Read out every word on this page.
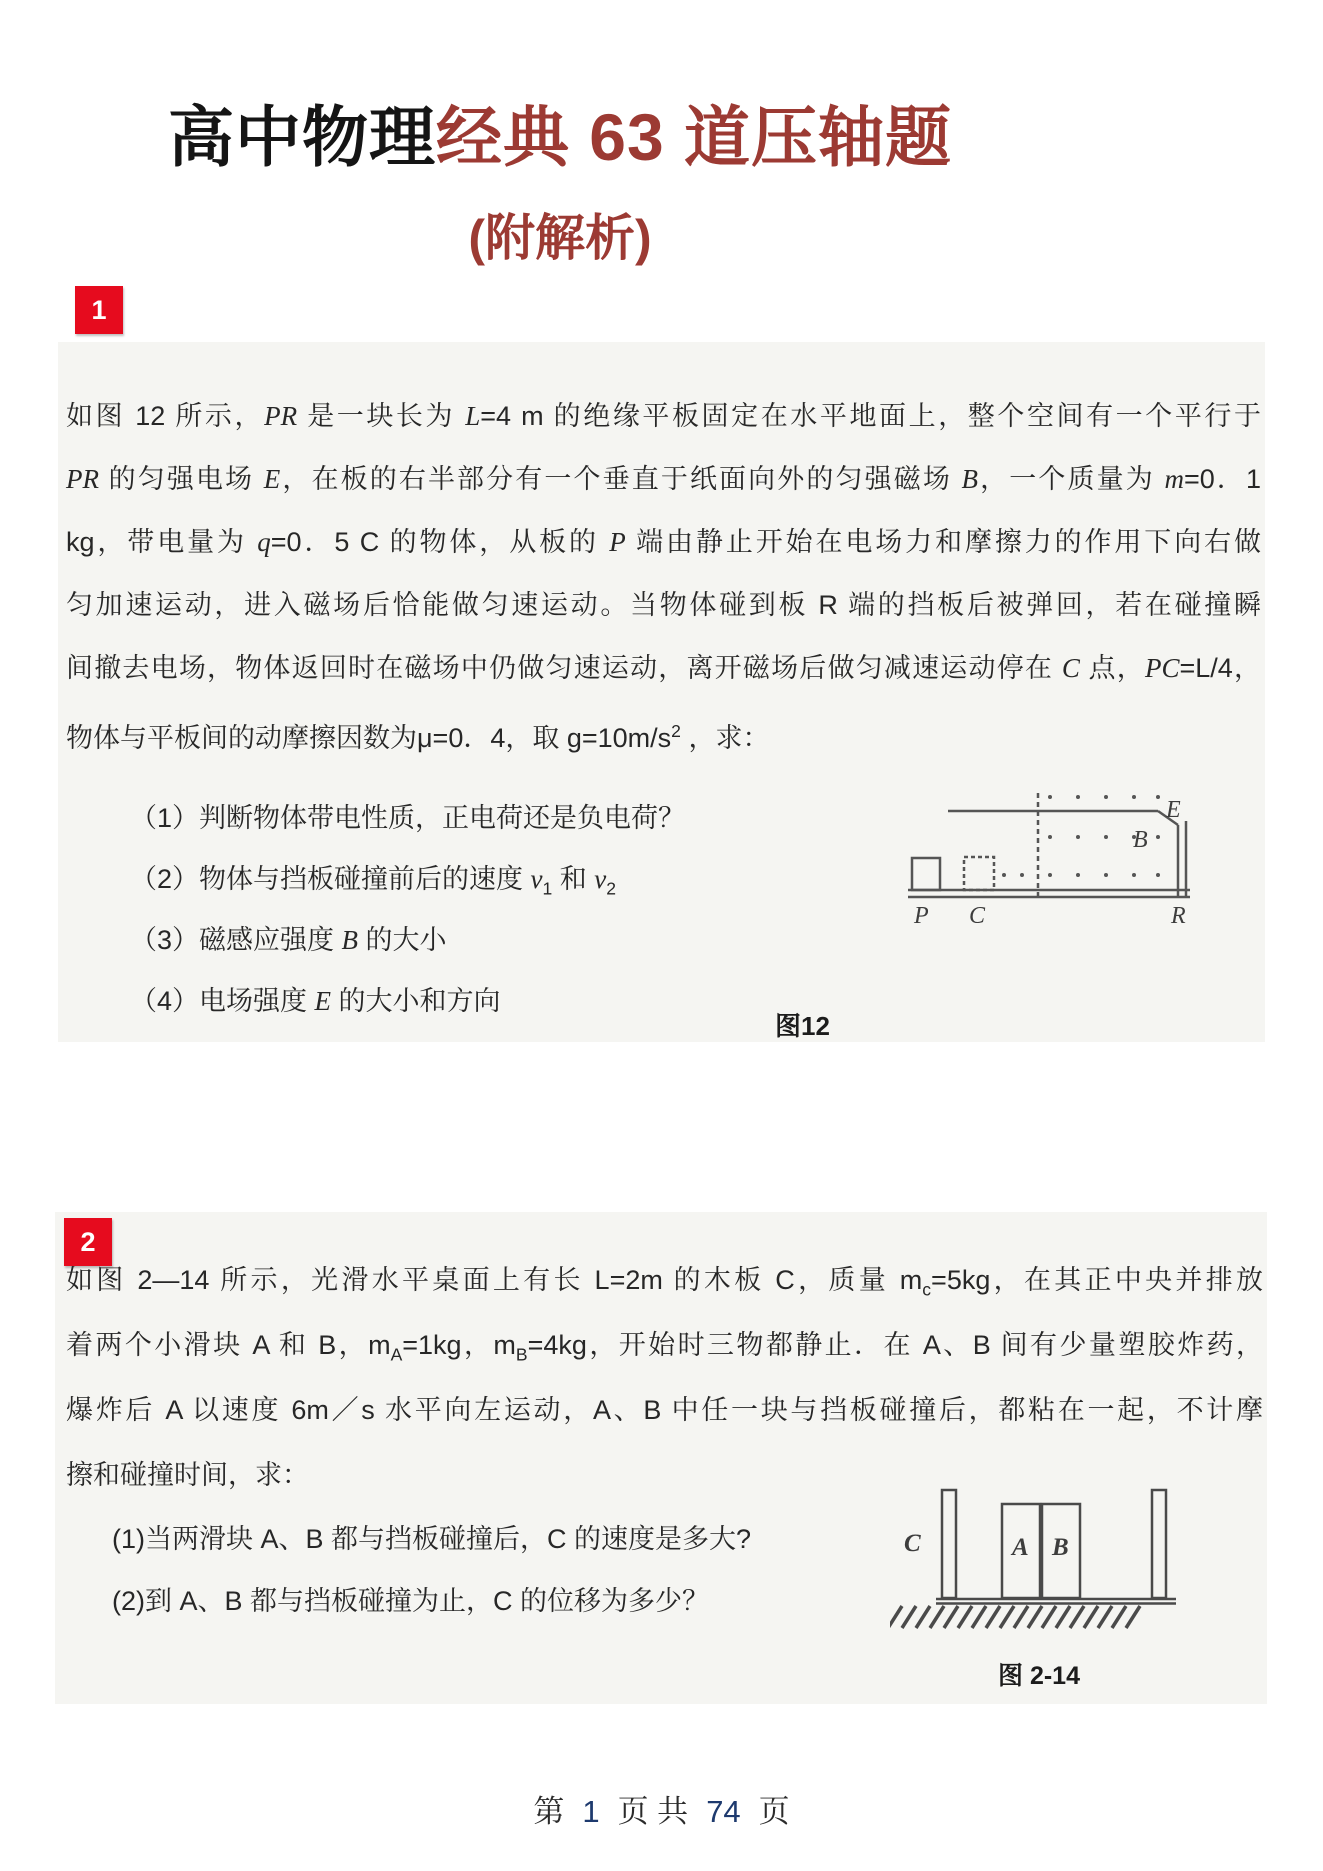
高中物理经典 63 道压轴题
(附解析)
1
如图 12 所示，PR 是一块长为 L=4 m 的绝缘平板固定在水平地面上，整个空间有一个平行于
PR 的匀强电场 E，在板的右半部分有一个垂直于纸面向外的匀强磁场 B，一个质量为 m=0．1
kg，带电量为 q=0．5 C 的物体，从板的 P 端由静止开始在电场力和摩擦力的作用下向右做
匀加速运动，进入磁场后恰能做匀速运动。当物体碰到板 R 端的挡板后被弹回，若在碰撞瞬
间撤去电场，物体返回时在磁场中仍做匀速运动，离开磁场后做匀减速运动停在 C 点，PC=L/4，
物体与平板间的动摩擦因数为μ=0．4，取 $g=10m/s^2$ ，求：
（1）判断物体带电性质，正电荷还是负电荷？
（2）物体与挡板碰撞前后的速度 $v_1$ 和 $v_2$
（3）磁感应强度 B 的大小
（4）电场强度 E 的大小和方向
E
B
P C	R
图12
2
如图 2—14 所示，光滑水平桌面上有长 L=2m 的木板 C，质量 $m_c=5kg$，在其正中央并排放
着两个小滑块 A 和 B，$m_A=1kg$，$m_B=4kg$，开始时三物都静止．在 A、B 间有少量塑胶炸药，
爆炸后 A 以速度 6m／s 水平向左运动，A、B 中任一块与挡板碰撞后，都粘在一起，不计摩
擦和碰撞时间，求：
(1)当两滑块 A、B 都与挡板碰撞后，C 的速度是多大?
(2)到 A、B 都与挡板碰撞为止，C 的位移为多少？
C	A B
图 2-14
第 1 页 共 74 页
